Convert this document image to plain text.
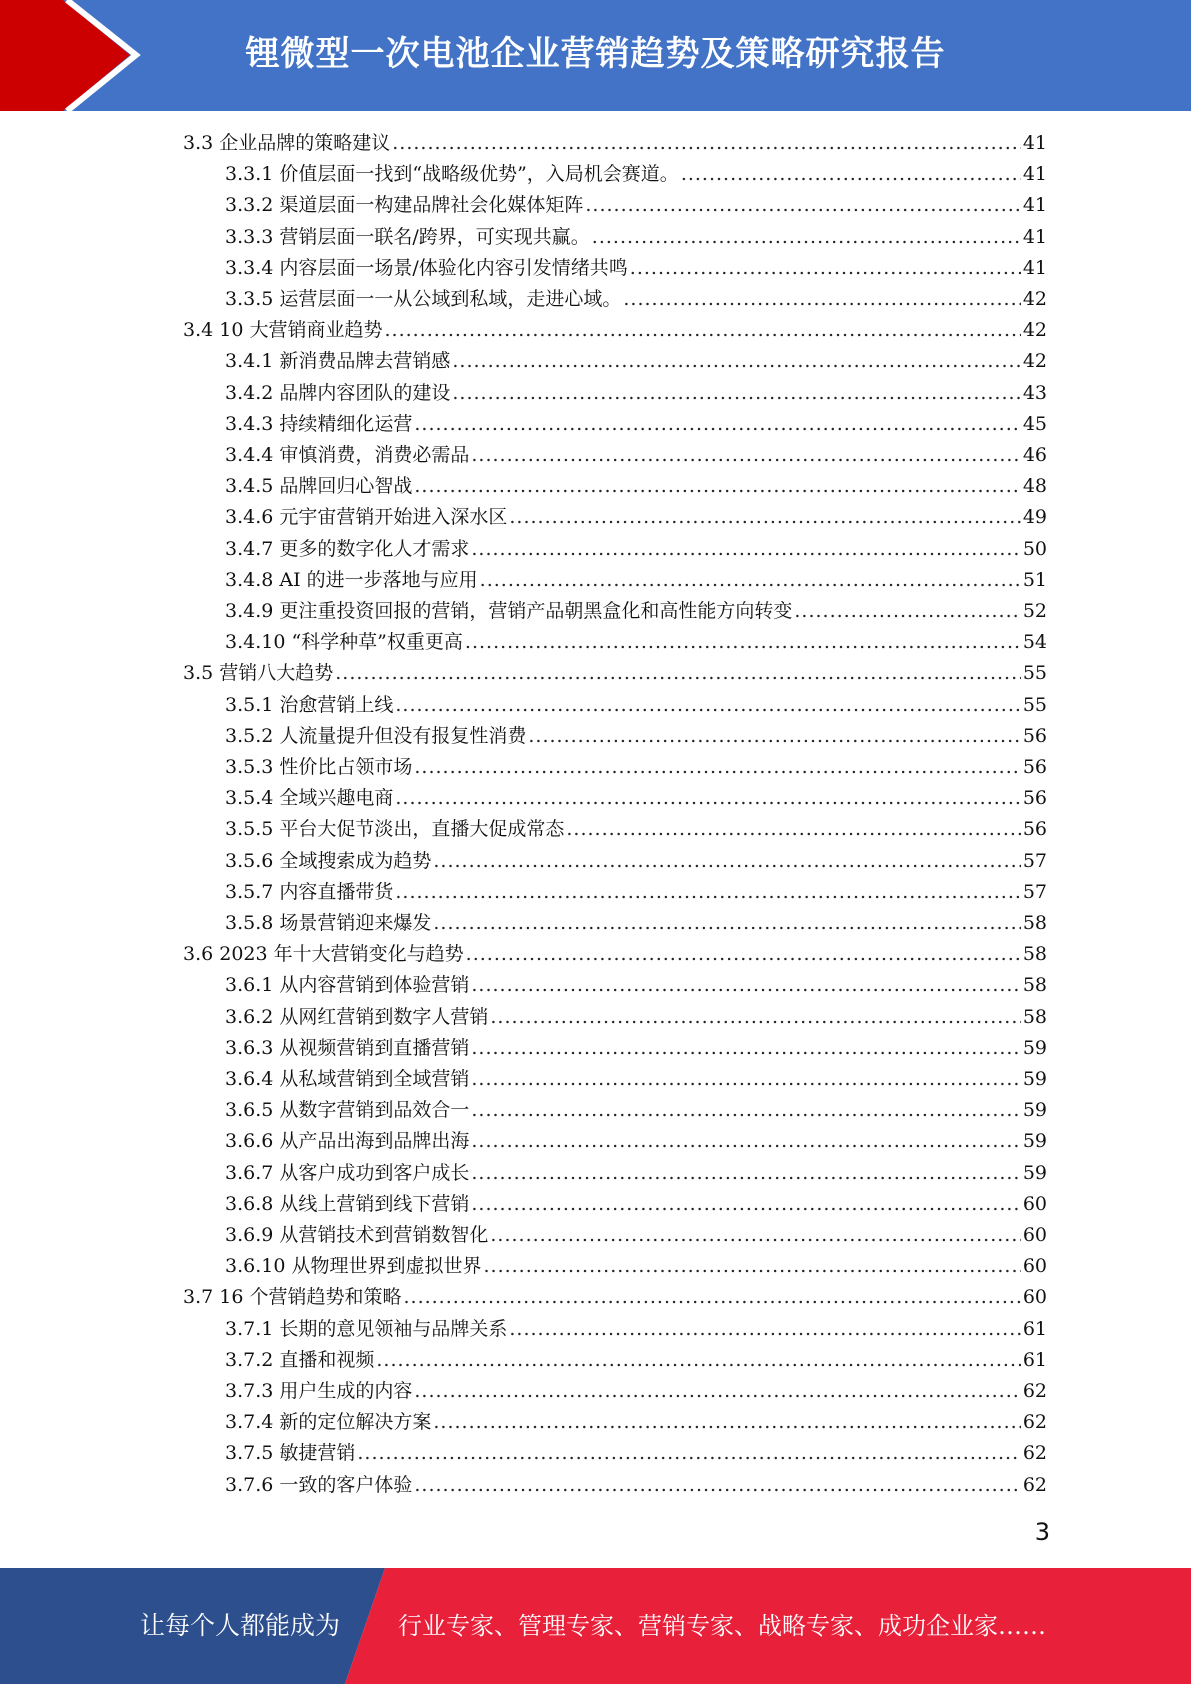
锂微型一次电池企业营销趋势及策略研究报告
3.3 企业品牌的策略建议 .....	41
3.3.1 价值层面一找到“战略级优势”，入局机会赛道。 .....	41
3.3.2 渠道层面一构建品牌社会化媒体矩阵 .....	41
3.3.3 营销层面一联名/跨界，可实现共赢。 .....	41
3.3.4 内容层面一场景/体验化内容引发情绪共鸣 .....	41
3.3.5 运营层面一一从公域到私域，走进心域。 .....	42
3.4 10 大营销商业趋势 .....	42
3.4.1 新消费品牌去营销感 .....	42
3.4.2 品牌内容团队的建设 .....	43
3.4.3 持续精细化运营 .....	45
3.4.4 审慎消费，消费必需品 .....	46
3.4.5 品牌回归心智战 .....	48
3.4.6 元宇宙营销开始进入深水区 .....	49
3.4.7 更多的数字化人才需求 .....	50
3.4.8 AI 的进一步落地与应用 .....	51
3.4.9 更注重投资回报的营销，营销产品朝黑盒化和高性能方向转变 .....	52
3.4.10 “科学种草”权重更高 .....	54
3.5 营销八大趋势 .....	55
3.5.1 治愈营销上线 .....	55
3.5.2 人流量提升但没有报复性消费 .....	56
3.5.3 性价比占领市场 .....	56
3.5.4 全域兴趣电商 .....	56
3.5.5 平台大促节淡出，直播大促成常态 .....	56
3.5.6 全域搜索成为趋势 .....	57
3.5.7 内容直播带货 .....	57
3.5.8 场景营销迎来爆发 .....	58
3.6 2023 年十大营销变化与趋势 .....	58
3.6.1 从内容营销到体验营销 .....	58
3.6.2 从网红营销到数字人营销 .....	58
3.6.3 从视频营销到直播营销 .....	59
3.6.4 从私域营销到全域营销 .....	59
3.6.5 从数字营销到品效合一 .....	59
3.6.6 从产品出海到品牌出海 .....	59
3.6.7 从客户成功到客户成长 .....	59
3.6.8 从线上营销到线下营销 .....	60
3.6.9 从营销技术到营销数智化 .....	60
3.6.10 从物理世界到虚拟世界 .....	60
3.7 16 个营销趋势和策略 .....	60
3.7.1 长期的意见领袖与品牌关系 .....	61
3.7.2 直播和视频 .....	61
3.7.3 用户生成的内容 .....	62
3.7.4 新的定位解决方案 .....	62
3.7.5 敏捷营销 .....	62
3.7.6 一致的客户体验 .....	62
3
让每个人都能成为	行业专家、管理专家、营销专家、战略专家、成功企业家……
